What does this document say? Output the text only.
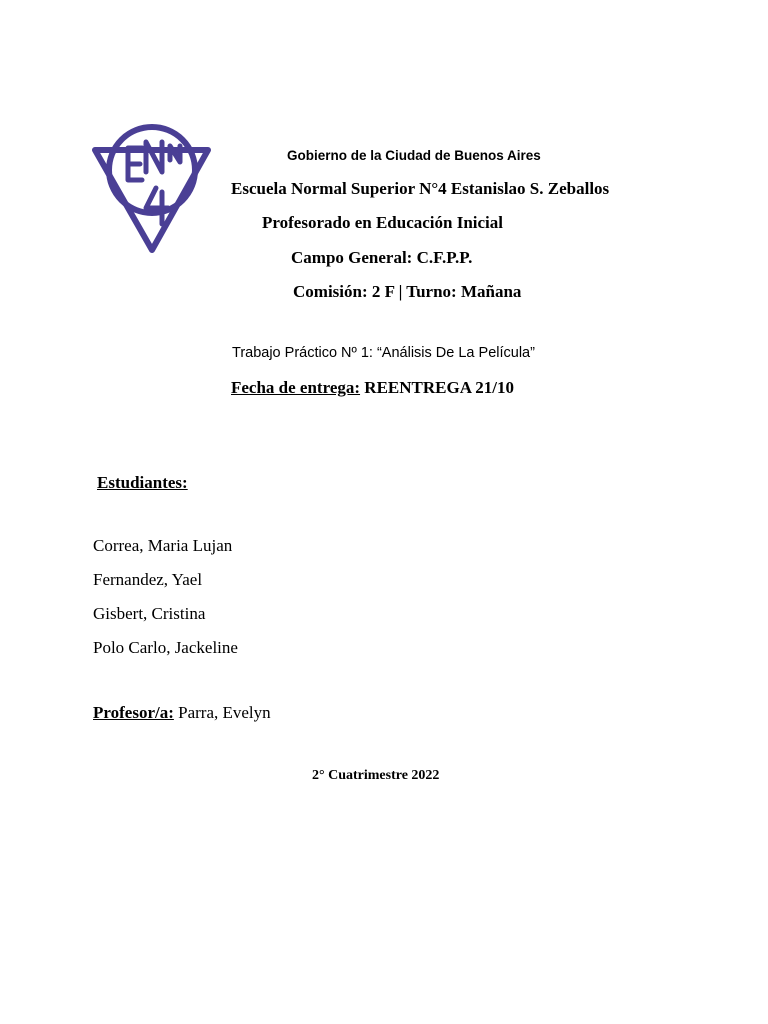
Gobierno de la Ciudad de Buenos Aires
Escuela Normal Superior N°4 Estanislao S. Zeballos
Profesorado en Educación Inicial
Campo General: C.F.P.P.
Comisión: 2 F | Turno: Mañana
Trabajo Práctico Nº 1: “Análisis De La Película”
Fecha de entrega: REENTREGA 21/10
Estudiantes:
Correa, Maria Lujan
Fernandez, Yael
Gisbert, Cristina
Polo Carlo, Jackeline
Profesor/a: Parra, Evelyn
2° Cuatrimestre 2022
